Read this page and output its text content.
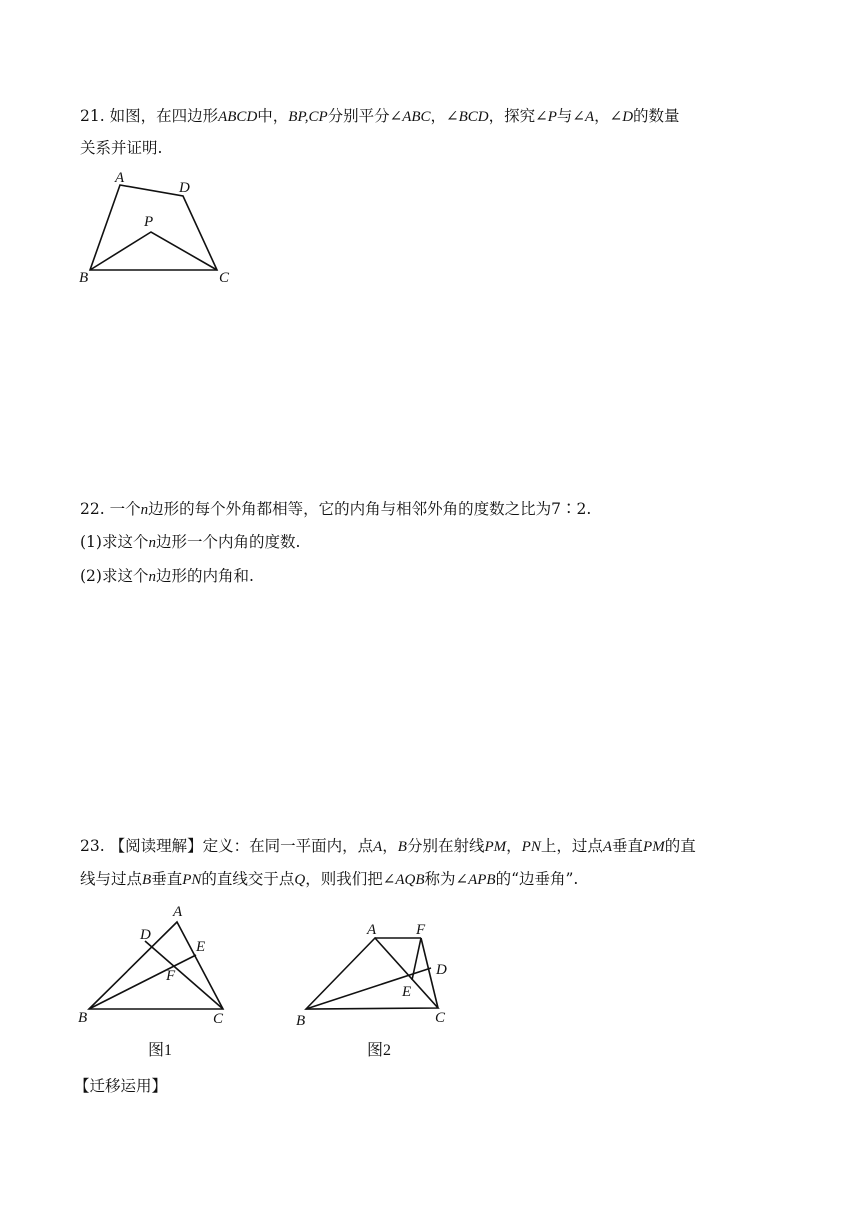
21. 如图，在四边形ABCD中，BP,CP分别平分∠ABC，∠BCD，探究∠P与∠A，∠D的数量
关系并证明.
A
D
P
B	C
22. 一个n边形的每个外角都相等，它的内角与相邻外角的度数之比为7∶2.
(1)求这个n边形一个内角的度数.
(2)求这个n边形的内角和.
23. 【阅读理解】定义：在同一平面内，点A，B分别在射线PM，PN上，过点A垂直PM的直
线与过点B垂直PN的直线交于点Q，则我们把∠AQB称为∠APB的“边垂角”.
A
D
E
F
B	C
图1
A	F
D
E
B	C
图2
【迁移运用】
